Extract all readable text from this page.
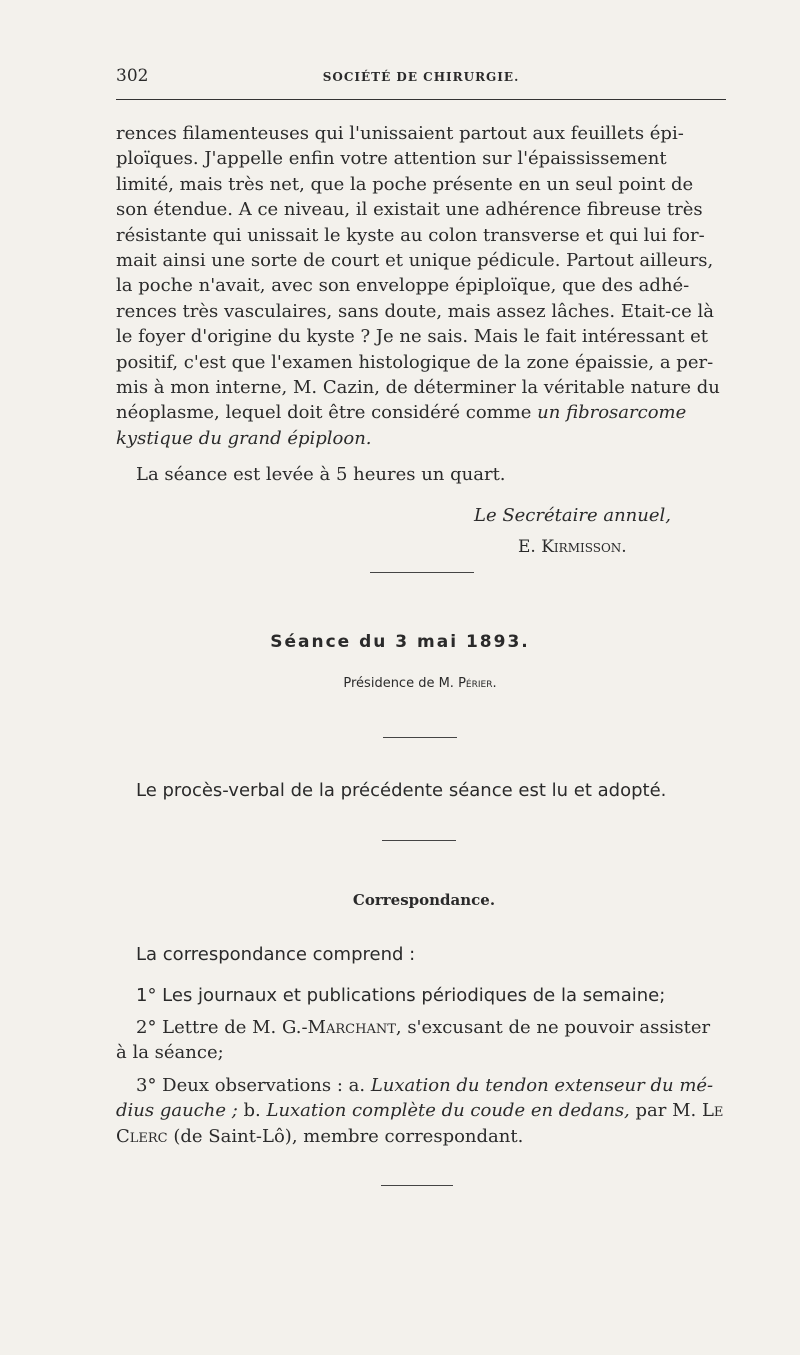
302	SOCIÉTÉ DE CHIRURGIE.
rences filamenteuses qui l'unissaient partout aux feuillets épi-
ploïques. J'appelle enfin votre attention sur l'épaississement
limité, mais très net, que la poche présente en un seul point de
son étendue. A ce niveau, il existait une adhérence fibreuse très
résistante qui unissait le kyste au colon transverse et qui lui for-
mait ainsi une sorte de court et unique pédicule. Partout ailleurs,
la poche n'avait, avec son enveloppe épiploïque, que des adhé-
rences très vasculaires, sans doute, mais assez lâches. Etait-ce là
le foyer d'origine du kyste ? Je ne sais. Mais le fait intéressant et
positif, c'est que l'examen histologique de la zone épaissie, a per-
mis à mon interne, M. Cazin, de déterminer la véritable nature du
néoplasme, lequel doit être considéré comme un fibrosarcome
kystique du grand épiploon.
La séance est levée à 5 heures un quart.
Le Secrétaire annuel,
E. Kirmisson.
Séance du 3 mai 1893.
Présidence de M. Périer.
Le procès-verbal de la précédente séance est lu et adopté.
Correspondance.
La correspondance comprend :
1° Les journaux et publications périodiques de la semaine;
2° Lettre de M. G.-Marchant, s'excusant de ne pouvoir assister
à la séance;
3° Deux observations : a. Luxation du tendon extenseur du mé-
dius gauche ; b. Luxation complète du coude en dedans, par M. Le
Clerc (de Saint-Lô), membre correspondant.
